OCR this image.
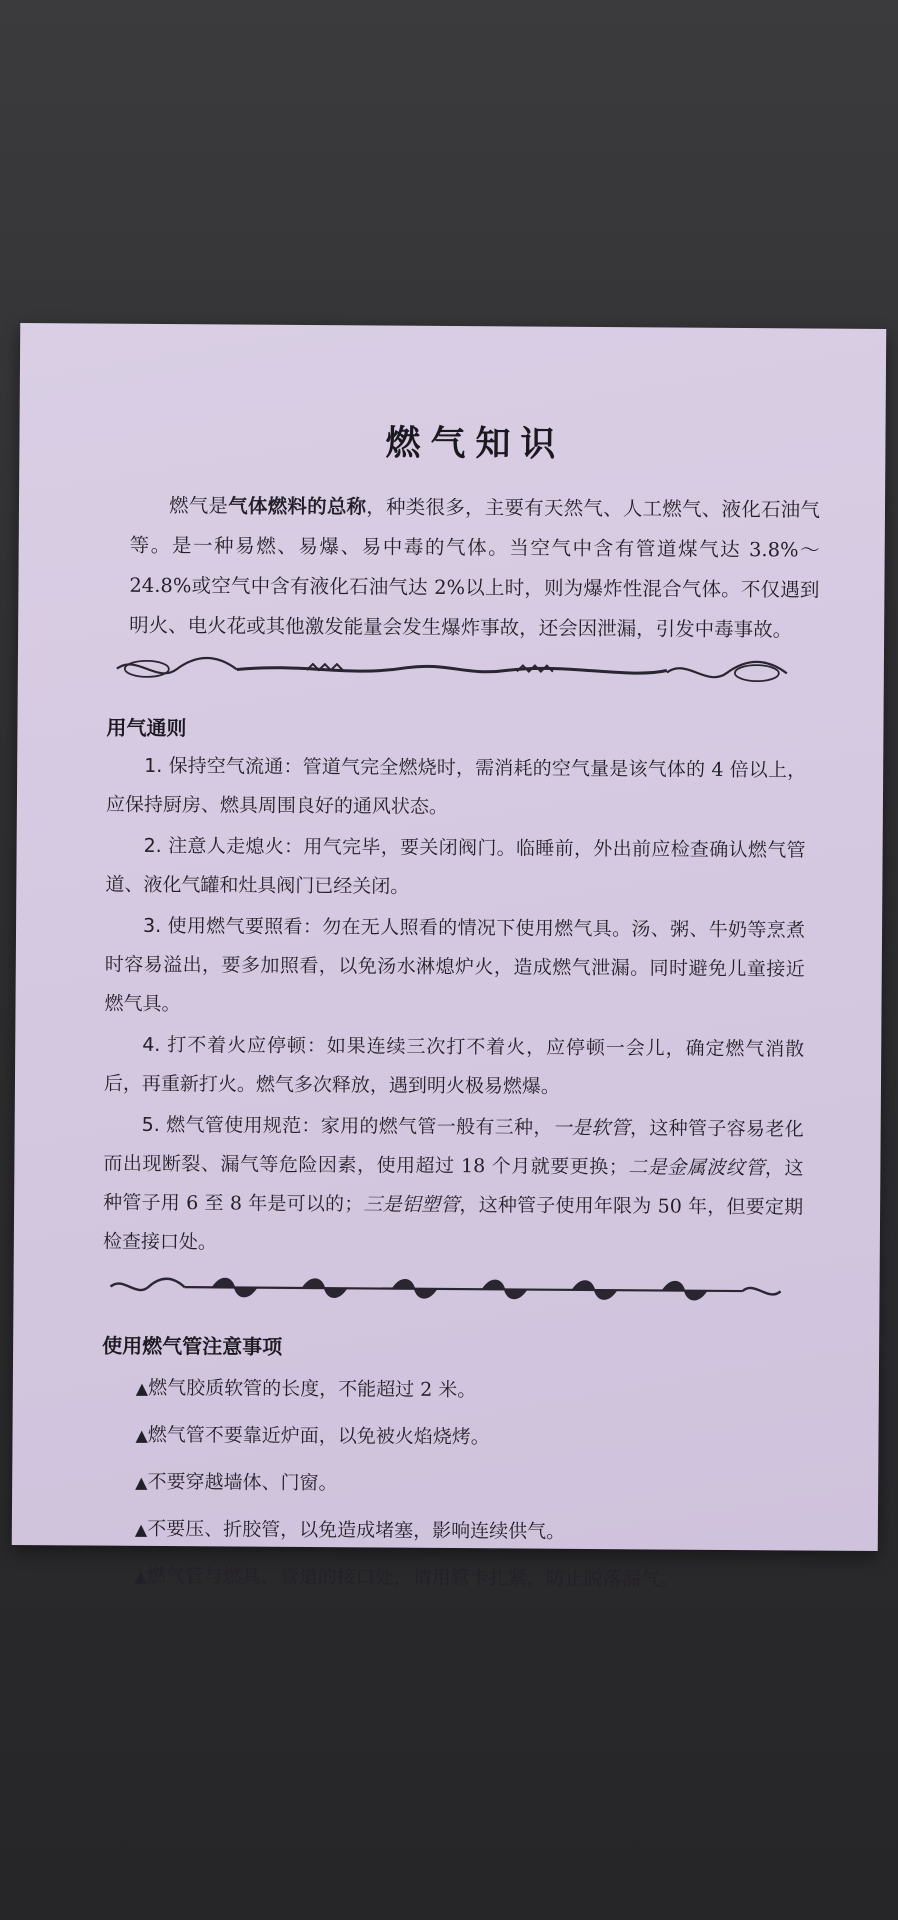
燃气知识

燃气是气体燃料的总称，种类很多，主要有天然气、人工燃气、液化石油气等。是一种易燃、易爆、易中毒的气体。当空气中含有管道煤气达 3.8%～24.8%或空气中含有液化石油气达 2%以上时，则为爆炸性混合气体。不仅遇到明火、电火花或其他激发能量会发生爆炸事故，还会因泄漏，引发中毒事故。

用气通则

1. 保持空气流通：管道气完全燃烧时，需消耗的空气量是该气体的 4 倍以上，应保持厨房、燃具周围良好的通风状态。

2. 注意人走熄火：用气完毕，要关闭阀门。临睡前，外出前应检查确认燃气管道、液化气罐和灶具阀门已经关闭。

3. 使用燃气要照看：勿在无人照看的情况下使用燃气具。汤、粥、牛奶等烹煮时容易溢出，要多加照看，以免汤水淋熄炉火，造成燃气泄漏。同时避免儿童接近燃气具。

4. 打不着火应停顿：如果连续三次打不着火，应停顿一会儿，确定燃气消散后，再重新打火。燃气多次释放，遇到明火极易燃爆。

5. 燃气管使用规范：家用的燃气管一般有三种，一是软管，这种管子容易老化而出现断裂、漏气等危险因素，使用超过 18 个月就要更换；二是金属波纹管，这种管子用 6 至 8 年是可以的；三是铝塑管，这种管子使用年限为 50 年，但要定期检查接口处。

使用燃气管注意事项
▲燃气胶质软管的长度，不能超过 2 米。
▲燃气管不要靠近炉面，以免被火焰烧烤。
▲不要穿越墙体、门窗。
▲不要压、折胶管，以免造成堵塞，影响连续供气。
▲燃气管与燃具、管道的接口处，请用管卡扎紧，防止脱落漏气。
